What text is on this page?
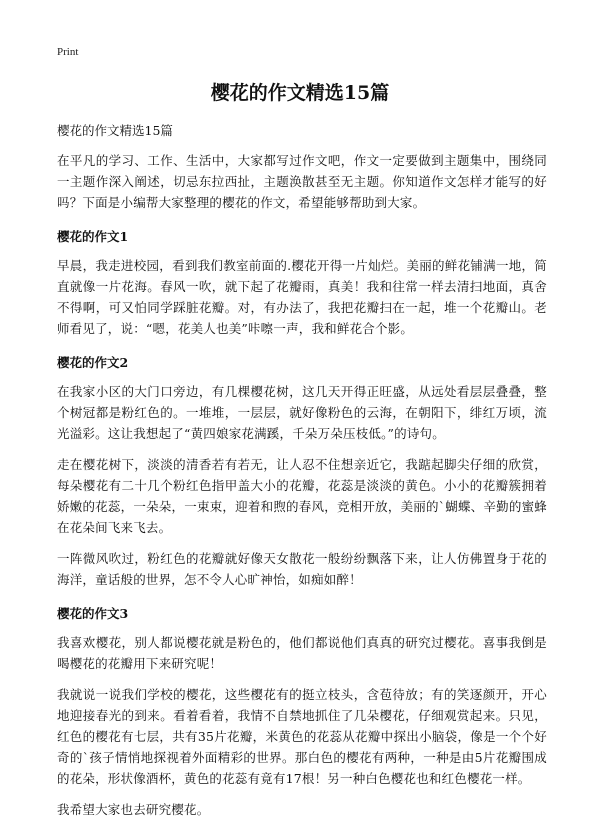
Print
樱花的作文精选15篇

樱花的作文精选15篇

在平凡的学习、工作、生活中，大家都写过作文吧，作文一定要做到主题集中，围绕同一主题作深入阐述，切忌东拉西扯，主题涣散甚至无主题。你知道作文怎样才能写的好吗？下面是小编帮大家整理的樱花的作文，希望能够帮助到大家。

樱花的作文1

早晨，我走进校园，看到我们教室前面的.樱花开得一片灿烂。美丽的鲜花铺满一地，简直就像一片花海。春风一吹，就下起了花瓣雨，真美！我和往常一样去清扫地面，真舍不得啊，可又怕同学踩脏花瓣。对，有办法了，我把花瓣扫在一起，堆一个花瓣山。老师看见了，说：“嗯，花美人也美”咔嚓一声，我和鲜花合个影。

樱花的作文2

在我家小区的大门口旁边，有几棵樱花树，这几天开得正旺盛，从远处看层层叠叠，整个树冠都是粉红色的。一堆堆，一层层，就好像粉色的云海，在朝阳下，绯红万顷，流光溢彩。这让我想起了“黄四娘家花满蹊，千朵万朵压枝低。”的诗句。

走在樱花树下，淡淡的清香若有若无，让人忍不住想亲近它，我踮起脚尖仔细的欣赏，每朵樱花有二十几个粉红色指甲盖大小的花瓣，花蕊是淡淡的黄色。小小的花瓣簇拥着娇嫩的花蕊，一朵朵，一束束，迎着和煦的春风，竞相开放，美丽的`蝴蝶、辛勤的蜜蜂在花朵间飞来飞去。

一阵微风吹过，粉红色的花瓣就好像天女散花一般纷纷飘落下来，让人仿佛置身于花的海洋，童话般的世界，怎不令人心旷神怡，如痴如醉！

樱花的作文3

我喜欢樱花，别人都说樱花就是粉色的，他们都说他们真真的研究过樱花。喜事我倒是喝樱花的花瓣用下来研究呢！

我就说一说我们学校的樱花，这些樱花有的挺立枝头，含苞待放；有的笑逐颜开，开心地迎接春光的到来。看着看着，我情不自禁地抓住了几朵樱花，仔细观赏起来。只见，红色的樱花有七层，共有35片花瓣，米黄色的花蕊从花瓣中探出小脑袋，像是一个个好奇的`孩子情悄地探视着外面精彩的世界。那白色的樱花有两种，一种是由5片花瓣围成的花朵，形状像酒杯，黄色的花蕊有竟有17根！另一种白色樱花也和红色樱花一样。

我希望大家也去研究樱花。
